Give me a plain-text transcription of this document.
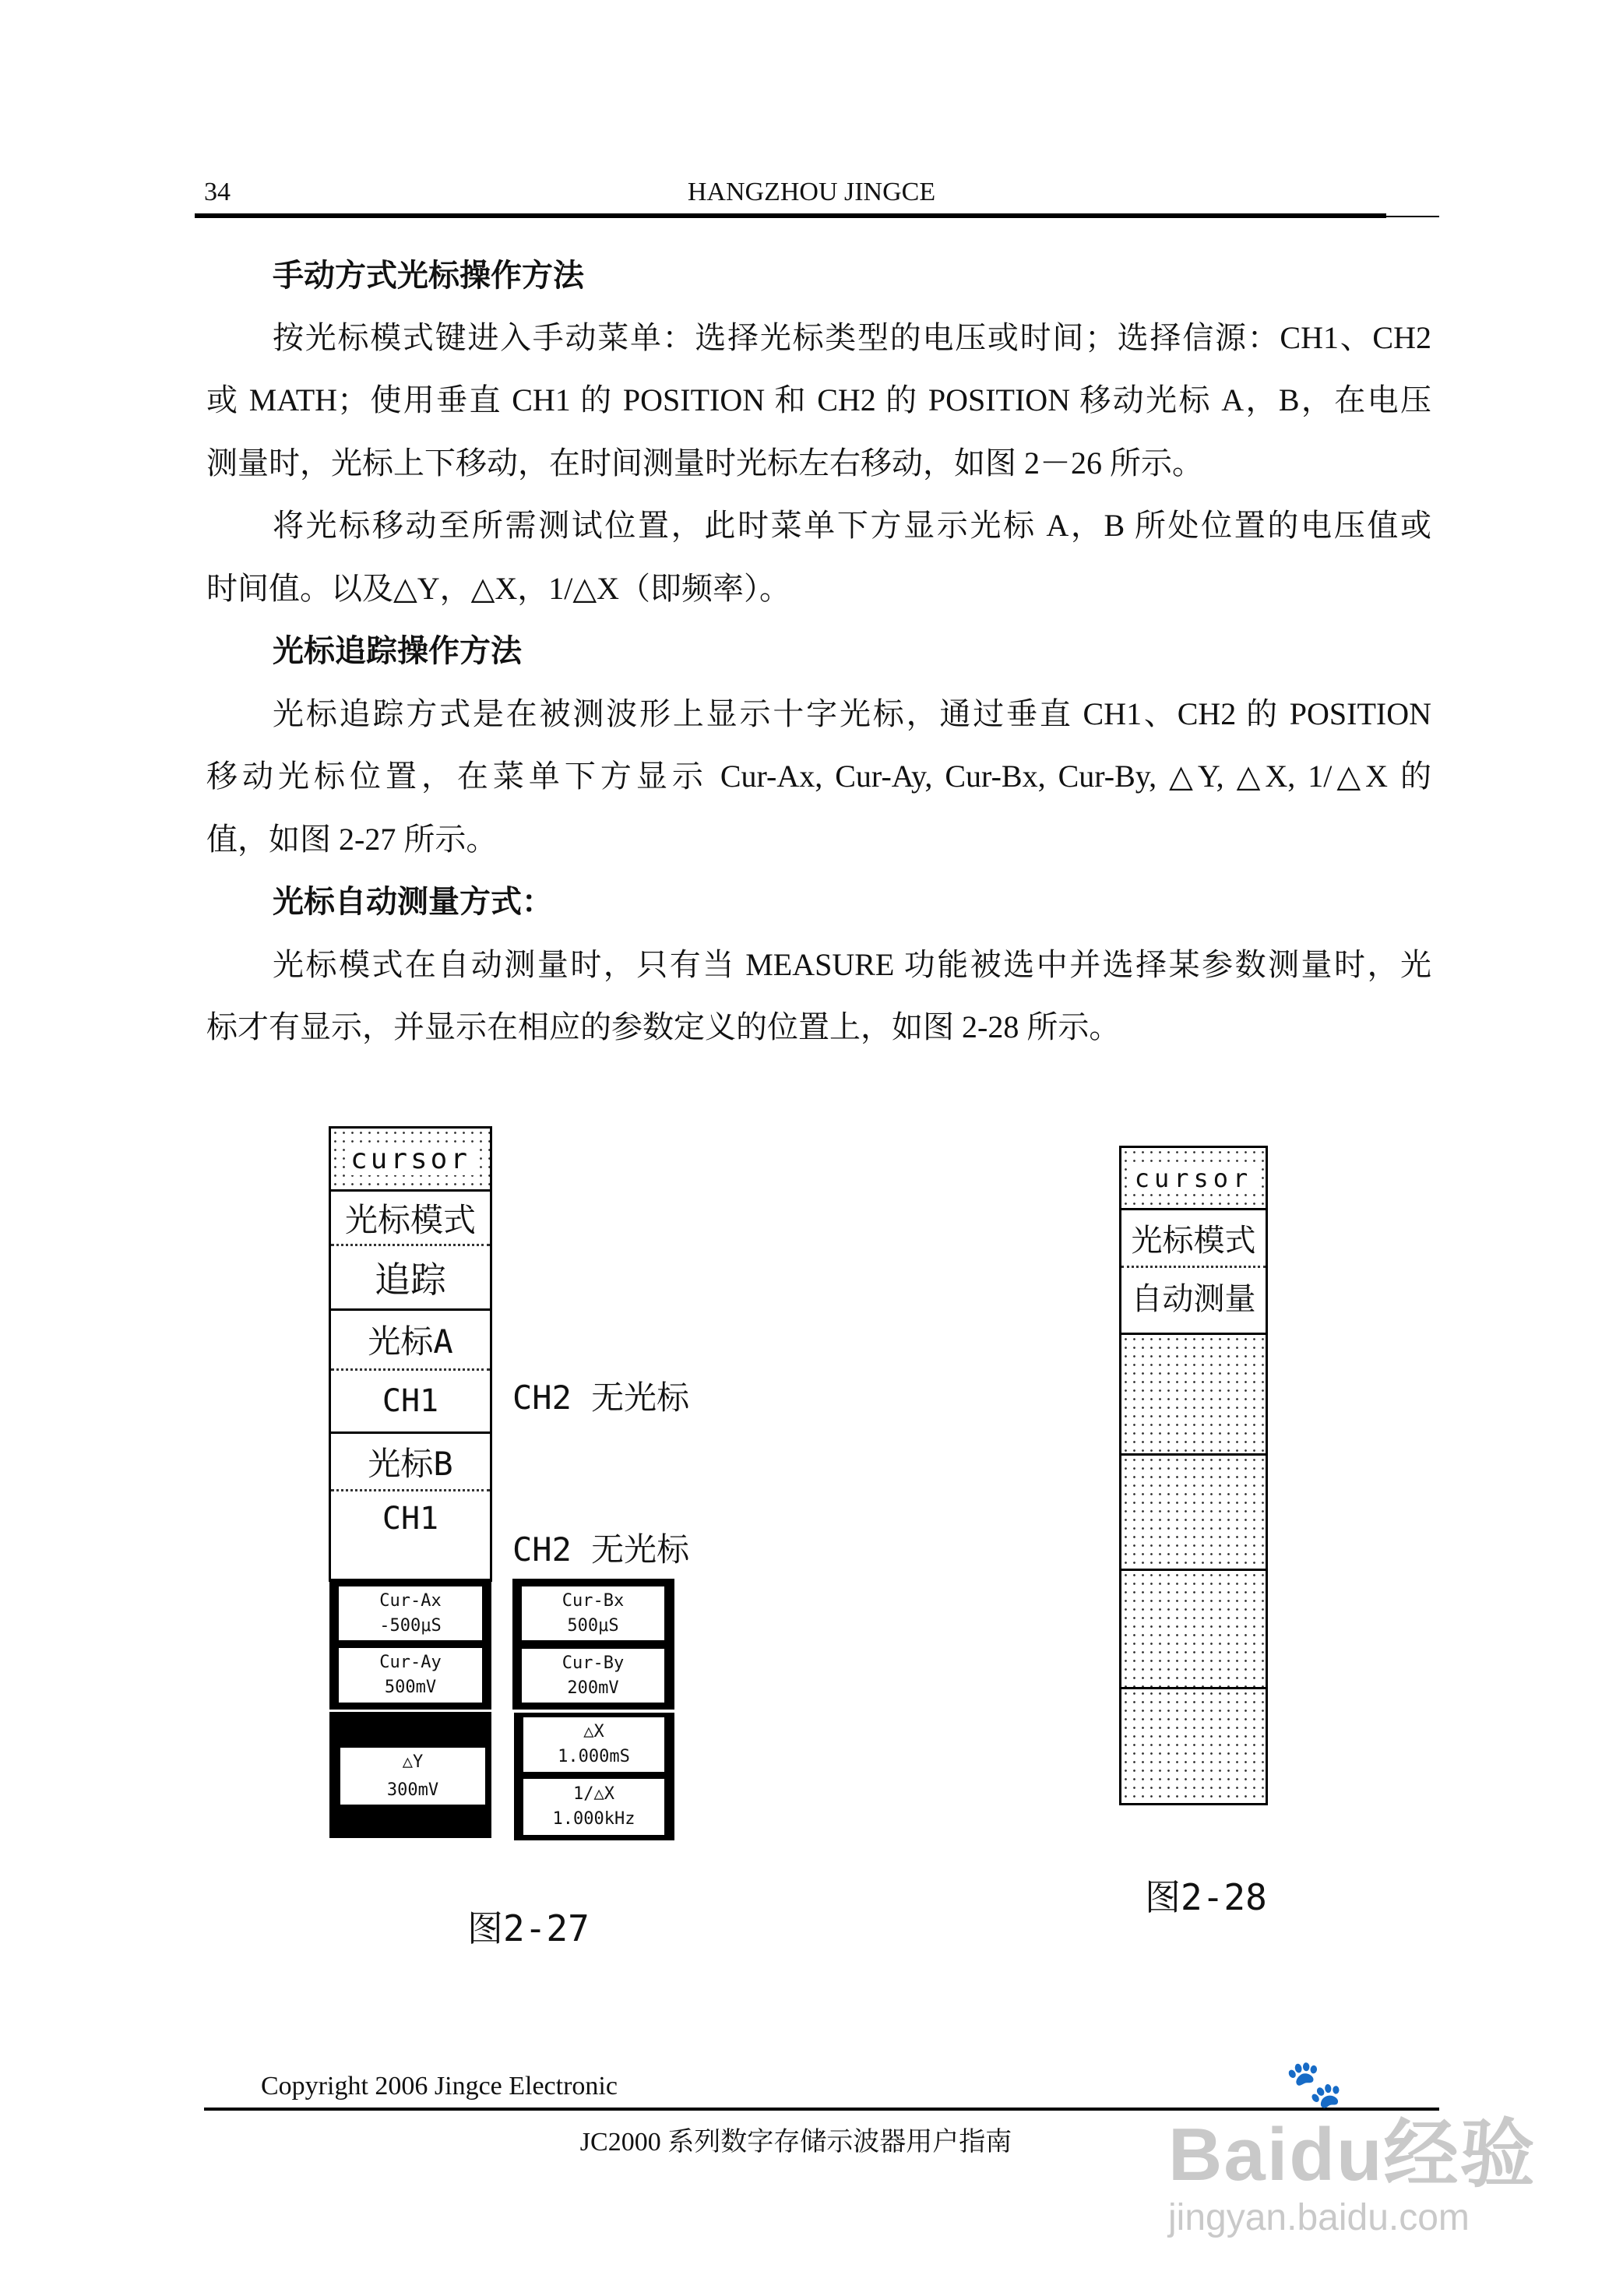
34	HANGZHOU JINGCE
手动方式光标操作方法
按光标模式键进入手动菜单：选择光标类型的电压或时间；选择信源：CH1、CH2
或 MATH；使用垂直 CH1 的 POSITION 和 CH2 的 POSITION 移动光标 A，B，在电压
测量时，光标上下移动，在时间测量时光标左右移动，如图 2－26 所示。
将光标移动至所需测试位置，此时菜单下方显示光标 A，B 所处位置的电压值或
时间值。以及△Y，△X，1/△X（即频率）。
光标追踪操作方法
光标追踪方式是在被测波形上显示十字光标，通过垂直 CH1、CH2 的 POSITION
移动光标位置，在菜单下方显示 Cur-Ax, Cur-Ay, Cur-Bx, Cur-By, △Y, △X, 1/△X 的
值，如图 2-27 所示。
光标自动测量方式：
光标模式在自动测量时，只有当 MEASURE 功能被选中并选择某参数测量时，光
标才有显示，并显示在相应的参数定义的位置上，如图 2-28 所示。
cursor
光标模式
追踪
光标A
CH1
光标B
CH1
CH2 无光标
CH2 无光标
Cur-Ax
-500μS
Cur-Ay
500mV
△Y
300mV
Cur-Bx
500μS
Cur-By
200mV
△X
1.000mS
1/△X
1.000kHz
图2-27
cursor
光标模式
自动测量
图2-28
Copyright 2006 Jingce Electronic
JC2000 系列数字存储示波器用户指南	Baidu经验
🐾
jingyan.baidu.com
